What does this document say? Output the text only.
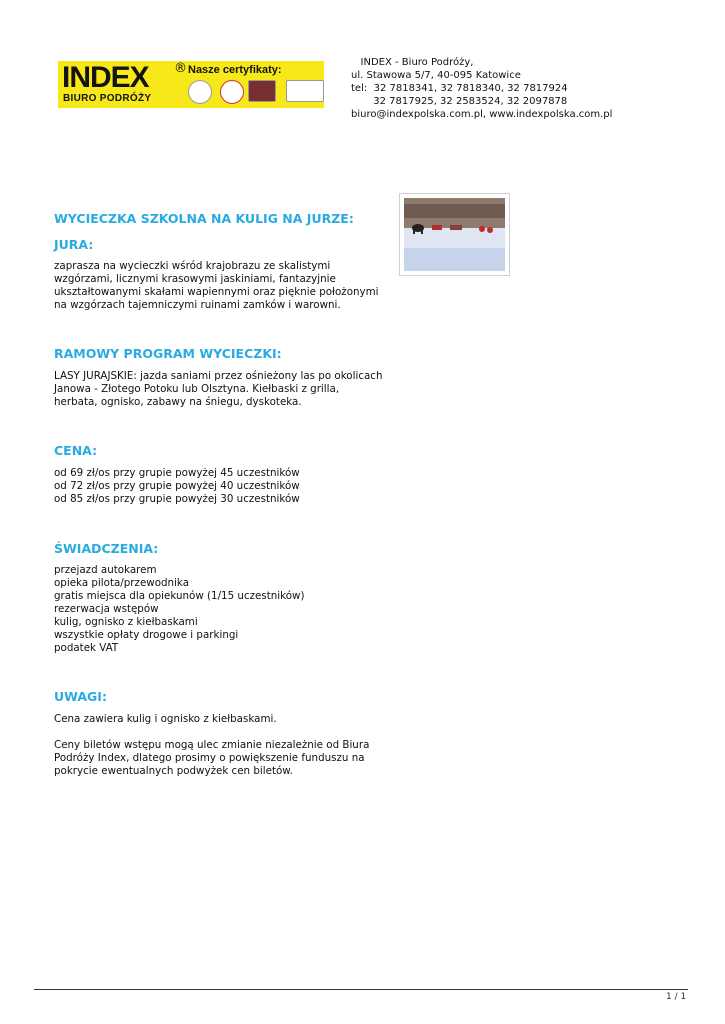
INDEX ®
BIURO PODRÓŻY
Nasze certyfikaty:
INDEX - Biuro Podróży,
ul. Stawowa 5/7, 40-095 Katowice
tel:  32 7818341, 32 7818340, 32 7817924
32 7817925, 32 2583524, 32 2097878
biuro@indexpolska.com.pl, www.indexpolska.com.pl
WYCIECZKA SZKOLNA NA KULIG NA JURZE:
JURA:
zaprasza na wycieczki wśród krajobrazu ze skalistymi
wzgórzami, licznymi krasowymi jaskiniami, fantazyjnie
ukształtowanymi skałami wapiennymi oraz pięknie położonymi
na wzgórzach tajemniczymi ruinami zamków i warowni.
RAMOWY PROGRAM WYCIECZKI:
LASY JURAJSKIE: jazda saniami przez ośnieżony las po okolicach
Janowa - Złotego Potoku lub Olsztyna. Kiełbaski z grilla,
herbata, ognisko, zabawy na śniegu, dyskoteka.
CENA:
od 69 zł/os przy grupie powyżej 45 uczestników
od 72 zł/os przy grupie powyżej 40 uczestników
od 85 zł/os przy grupie powyżej 30 uczestników
ŚWIADCZENIA:
przejazd autokarem
opieka pilota/przewodnika
gratis miejsca dla opiekunów (1/15 uczestników)
rezerwacja wstępów
kulig, ognisko z kiełbaskami
wszystkie opłaty drogowe i parkingi
podatek VAT
UWAGI:
Cena zawiera kulig i ognisko z kiełbaskami.
Ceny biletów wstępu mogą ulec zmianie niezależnie od Biura
Podróży Index, dlatego prosimy o powiększenie funduszu na
pokrycie ewentualnych podwyżek cen biletów.
1 / 1
